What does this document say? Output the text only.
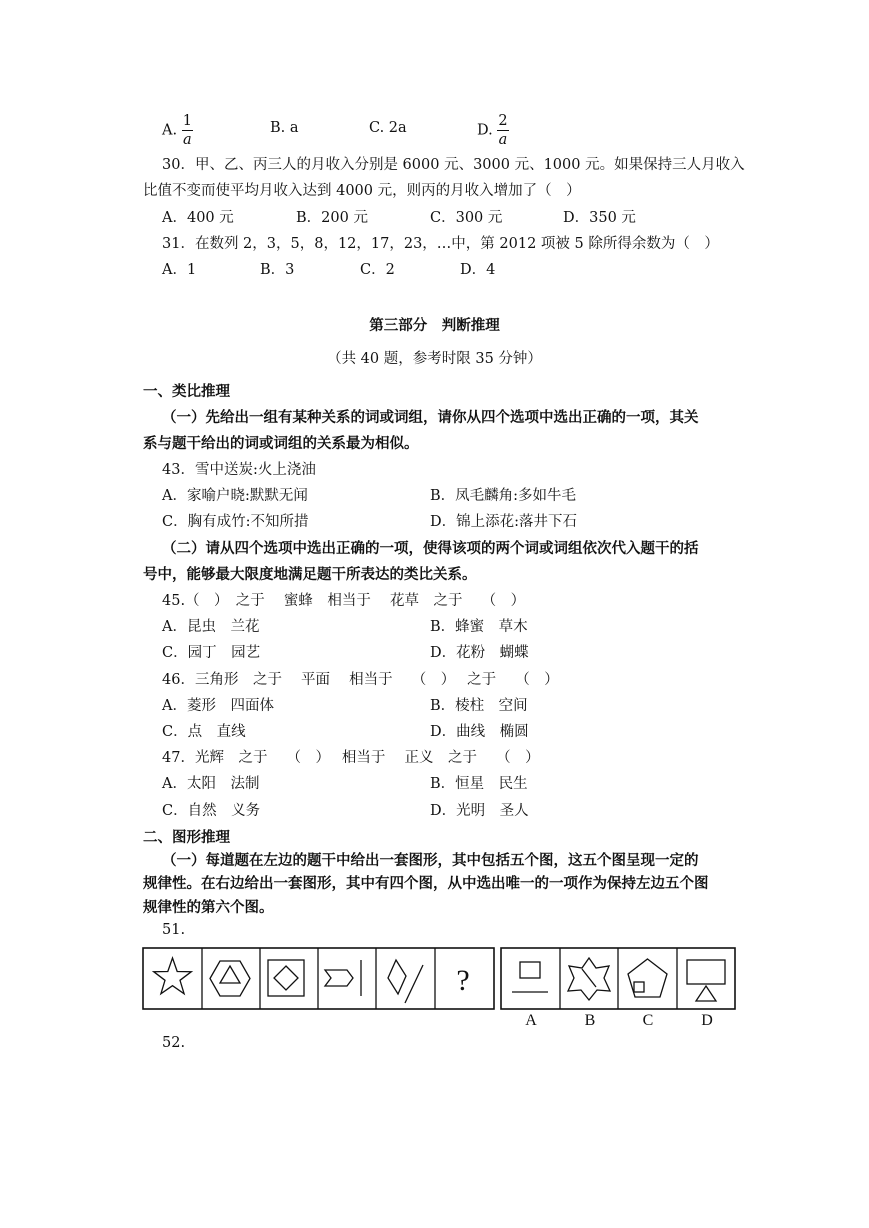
A. $\frac{1}{a}$	B. a	C. 2a	D. $\frac{2}{a}$
30．甲、乙、丙三人的月收入分别是 6000 元、3000 元、1000 元。如果保持三人月收入
比值不变而使平均月收入达到 4000 元，则丙的月收入增加了（　）
A．400 元	B．200 元	C．300 元	D．350 元
31．在数列 2，3，5，8，12，17，23，…中，第 2012 项被 5 除所得余数为（　）
A．1	B．3	C．2	D．4
第三部分　判断推理
（共 40 题，参考时限 35 分钟）
一、类比推理
（一）先给出一组有某种关系的词或词组，请你从四个选项中选出正确的一项，其关
系与题干给出的词或词组的关系最为相似。
43．雪中送炭:火上浇油
A．家喻户晓:默默无闻	B．凤毛麟角:多如牛毛
C．胸有成竹:不知所措	D．锦上添花:落井下石
（二）请从四个选项中选出正确的一项，使得该项的两个词或词组依次代入题干的括
号中，能够最大限度地满足题干所表达的类比关系。
45.（　）　之于　 蜜蜂　相当于　 花草　之于　 （　）
A．昆虫　兰花	B．蜂蜜　草木
C．园丁　园艺	D．花粉　蝴蝶
46．三角形　之于　 平面　 相当于　 （　）　 之于　 （　）
A．菱形　四面体	B．棱柱　空间
C．点　直线	D．曲线　椭圆
47．光辉　之于　 （　）　 相当于　 正义　之于　 （　）
A．太阳　法制	B．恒星　民生
C．自然　义务	D．光明　圣人
二、图形推理
（一）每道题在左边的题干中给出一套图形，其中包括五个图，这五个图呈现一定的
规律性。在右边给出一套图形，其中有四个图，从中选出唯一的一项作为保持左边五个图
规律性的第六个图。
51.
?
A	B	C	D
52.
